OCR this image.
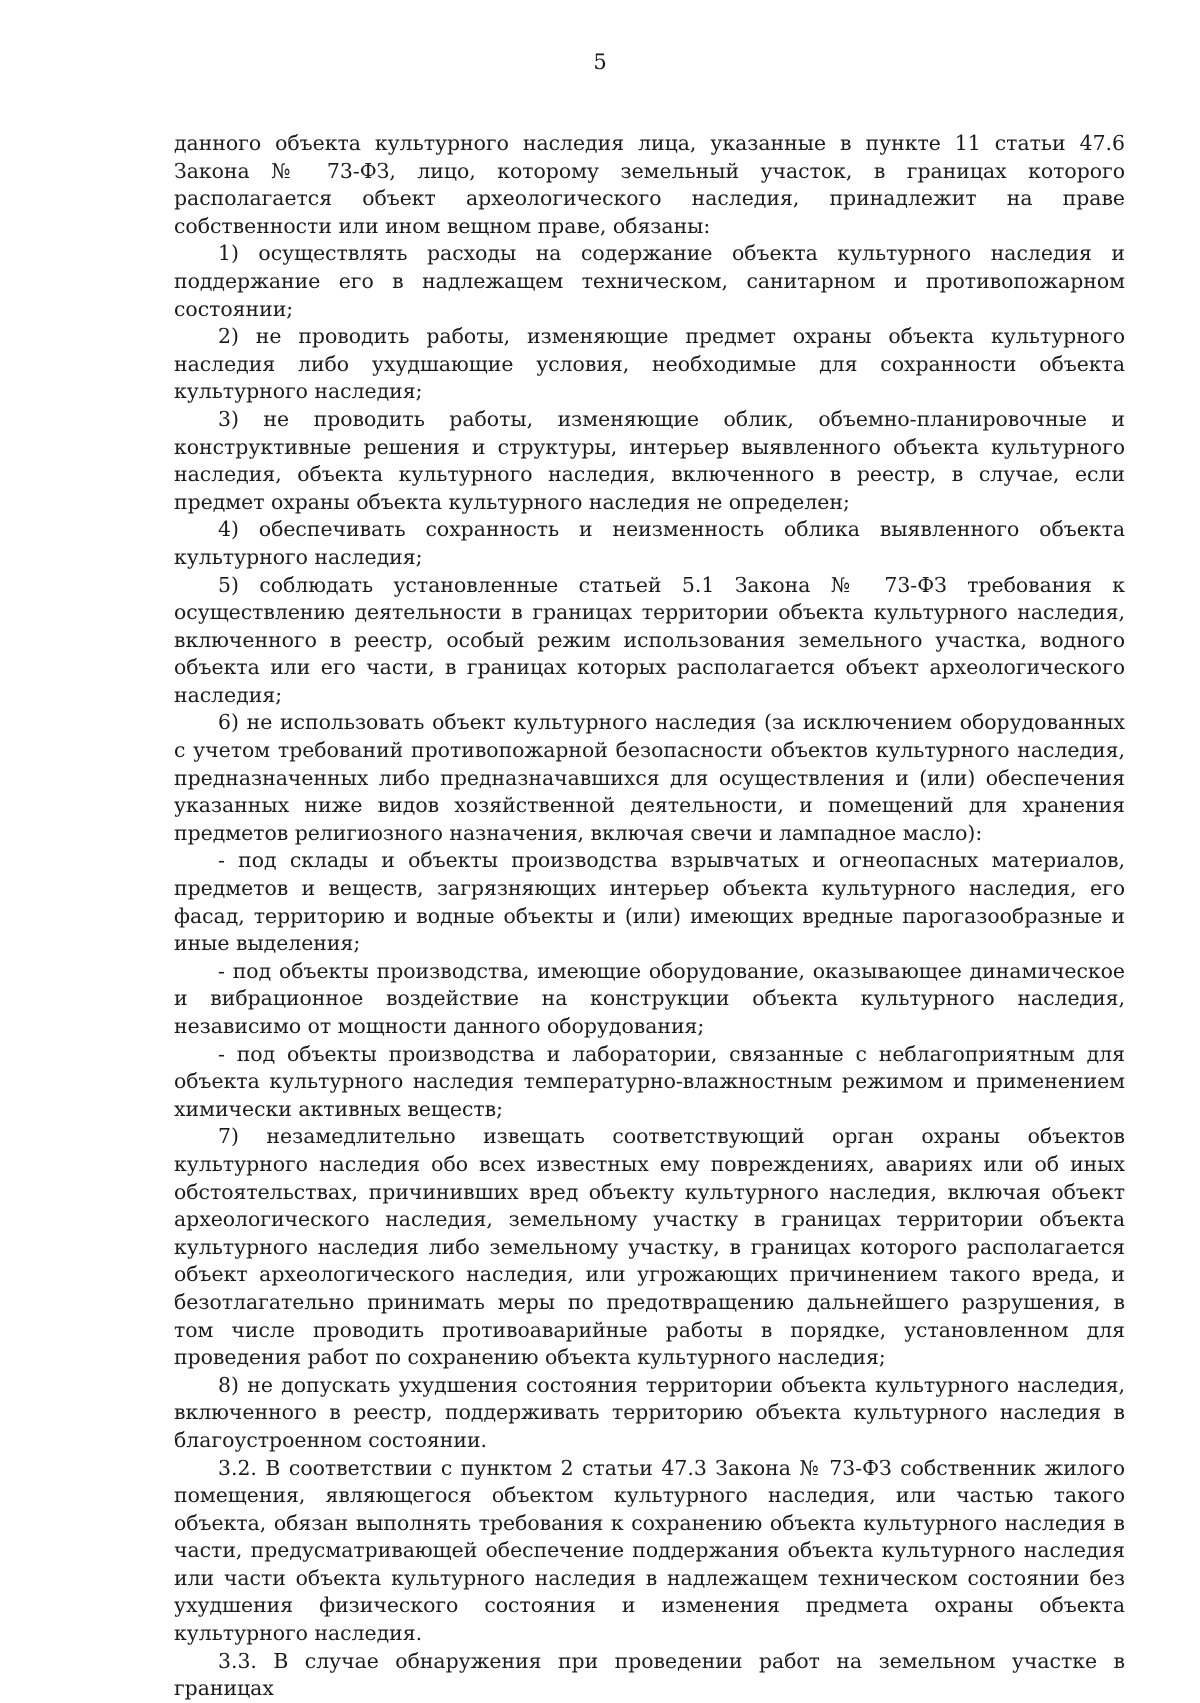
5

данного объекта культурного наследия лица, указанные в пункте 11 статьи 47.6 Закона № 73-ФЗ, лицо, которому земельный участок, в границах которого располагается объект археологического наследия, принадлежит на праве собственности или ином вещном праве, обязаны:

1) осуществлять расходы на содержание объекта культурного наследия и поддержание его в надлежащем техническом, санитарном и противопожарном состоянии;

2) не проводить работы, изменяющие предмет охраны объекта культурного наследия либо ухудшающие условия, необходимые для сохранности объекта культурного наследия;

3) не проводить работы, изменяющие облик, объемно-планировочные и конструктивные решения и структуры, интерьер выявленного объекта культурного наследия, объекта культурного наследия, включенного в реестр, в случае, если предмет охраны объекта культурного наследия не определен;

4) обеспечивать сохранность и неизменность облика выявленного объекта культурного наследия;

5) соблюдать установленные статьей 5.1 Закона № 73-ФЗ требования к осуществлению деятельности в границах территории объекта культурного наследия, включенного в реестр, особый режим использования земельного участка, водного объекта или его части, в границах которых располагается объект археологического наследия;

6) не использовать объект культурного наследия (за исключением оборудованных с учетом требований противопожарной безопасности объектов культурного наследия, предназначенных либо предназначавшихся для осуществления и (или) обеспечения указанных ниже видов хозяйственной деятельности, и помещений для хранения предметов религиозного назначения, включая свечи и лампадное масло):

- под склады и объекты производства взрывчатых и огнеопасных материалов, предметов и веществ, загрязняющих интерьер объекта культурного наследия, его фасад, территорию и водные объекты и (или) имеющих вредные парогазообразные и иные выделения;

- под объекты производства, имеющие оборудование, оказывающее динамическое и вибрационное воздействие на конструкции объекта культурного наследия, независимо от мощности данного оборудования;

- под объекты производства и лаборатории, связанные с неблагоприятным для объекта культурного наследия температурно-влажностным режимом и применением химически активных веществ;

7) незамедлительно извещать соответствующий орган охраны объектов культурного наследия обо всех известных ему повреждениях, авариях или об иных обстоятельствах, причинивших вред объекту культурного наследия, включая объект археологического наследия, земельному участку в границах территории объекта культурного наследия либо земельному участку, в границах которого располагается объект археологического наследия, или угрожающих причинением такого вреда, и безотлагательно принимать меры по предотвращению дальнейшего разрушения, в том числе проводить противоаварийные работы в порядке, установленном для проведения работ по сохранению объекта культурного наследия;

8) не допускать ухудшения состояния территории объекта культурного наследия, включенного в реестр, поддерживать территорию объекта культурного наследия в благоустроенном состоянии.

3.2. В соответствии с пунктом 2 статьи 47.3 Закона № 73-ФЗ собственник жилого помещения, являющегося объектом культурного наследия, или частью такого объекта, обязан выполнять требования к сохранению объекта культурного наследия в части, предусматривающей обеспечение поддержания объекта культурного наследия или части объекта культурного наследия в надлежащем техническом состоянии без ухудшения физического состояния и изменения предмета охраны объекта культурного наследия.

3.3. В случае обнаружения при проведении работ на земельном участке в границах
